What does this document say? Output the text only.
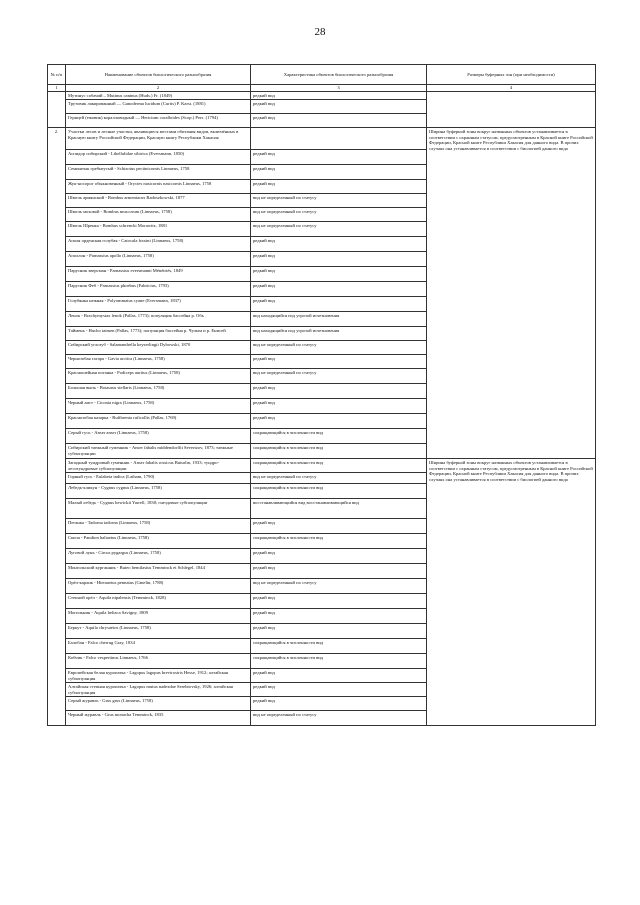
28
№ п/п	Наименование объектов биологического разнообразия	Характеристика объектов биологического разнообразия	Размеры буферных зон (при необходимости)
1	2	3	4
	Мутинус собачий – Mutinus caninus (Huds.) Fr. (1849)	редкий вид	
	Трутовик лакированный — Ganoderma lucidum (Curtis) P. Karst. (1881)	редкий вид	
	Герицей (ежовик) коралловидный — Hericium coralloides (Scop.) Pers. (1794)	редкий вид	
2.	Участки лесов и лесные участки, являющиеся местами обитания видов, включённых в Красную книгу Российской Федерации, Красную книгу Республики Хакасия		Ширина буферной зоны вокруг названных объектов устанавливается в соответствии с охранным статусом, предусмотренным в Красной книге Российской Федерации, Красной книге Республики Хакасия для данного вида. В прочих случаях она устанавливается в соответствии с биологией данного вида
	Аспидор сибирский - Libellulidae sibirica (Eversmann, 1850)	редкий вид	
	Семиштык гребнеусый - Schizotus pectinicornis Linnaeus, 1758	редкий вид	
	Жук-носорог обыкновенный - Oryctes nasicornis nasicornis Linnaeus, 1758	редкий вид	
	Шмель армянский - Bombus armeniacus Radoszkowski, 1877	вид не определенный по статусу	
	Шмель моховой - Bombus muscorum (Linnaeus, 1758)	вид не определенный по статусу	
	Шмель Шренка - Bombus schrencki Morawitz, 1881	вид не определенный по статусу	
	Аполя орденская голубая - Catocala fraxini (Linnaeus, 1758)	редкий вид	
	Аполлон - Parnassius apollo (Linnaeus, 1758)	редкий вид	
	Парусник эверсман - Parnassius eversmanni Ménétriés, 1849	редкий вид	
	Парусник Феб - Parnassius phoebus (Fabricius, 1793)	редкий вид	
	Голубянка нежная - Polyommatus cyane (Eversmann, 1837)	редкий вид	
	Ленок - Brachymystax lenok (Pallas, 1773); популяция бассейна р. Обь	вид находящийся под угрозой исчезновения	
	Таймень - Hucho taimen (Pallas, 1773); популяция бассейна р. Чулым и р. Енисей	вид находящийся под угрозой исчезновения	
	Сибирский углозуб - Salamandrella keyserlingii Dybowski, 1870	вид не определенный по статусу	
	Чернозобая гагара - Gavia arctica (Linnaeus, 1758)	редкий вид	
	Красношейная поганка - Podiceps auritus (Linnaeus, 1758)	вид не определенный по статусу	
	Большая выпь - Botaurus stellaris (Linnaeus, 1758)	редкий вид	
	Черный аист - Ciconia nigra (Linnaeus, 1758)	редкий вид	
	Краснозобая казарка - Rufibrenta ruficollis (Pallas, 1769)	редкий вид	
	Серый гусь - Anser anser (Linnaeus, 1758)	сокращающийся в численности вид	
	Сибирский таежный гуменник - Anser fabalis middendorffii Severtzov, 1873; таежные субпопуляции	сокращающийся в численности вид	
	Западный тундровый гуменник - Anser fabalis rossicus Buturlin, 1933; тундро-лесотундровые субпопуляции	сокращающийся в численности вид	Ширина буферной зоны вокруг названных объектов устанавливается в соответствии с охранным статусом, предусмотренным в Красной книге Российской Федерации, Красной книге Республики Хакасия для данного вида. В прочих случаях она устанавливается в соответствии с биологией данного вида
	Горный гусь - Eulabeia indica (Latham, 1790)	вид не определенный по статусу	
	Лебедь-кликун - Cygnus cygnus (Linnaeus, 1758)	сокращающийся в численности вид	
	Малый лебедь - Cygnus bewickii Yarrell, 1830; гнездовые субпопуляции	восстанавливающийся вид восстанавливающийся вид	
	Пеганка - Tadorna tadorna (Linnaeus, 1758)	редкий вид	
	Скопа - Pandion haliaetus (Linnaeus, 1758)	сокращающийся в численности вид	
	Луговой лунь - Circus pygargus (Linnaeus, 1758)	редкий вид	
	Монгольский курганник - Buteo hemilasius Temminck et Schlegel, 1844	редкий вид	
	Орёл-карлик - Hieraaetus pennatus (Gmelin, 1788)	вид не определенный по статусу	
	Степной орёл - Aquila nipalensis (Temminck, 1828)	редкий вид	
	Могильник - Aquila heliaca Savigny, 1809	редкий вид	
	Беркут - Aquila chrysaetos (Linnaeus, 1758)	редкий вид	
	Балобан - Falco cherrug Gray, 1834	сокращающийся в численности вид	
	Кобчик - Falco vespertinus Linnaeus, 1766	сокращающийся в численности вид	
	Европейская белая куропатка - Lagopus lagopus brevirostris Hesse, 1912; алтайская субпопуляция	редкий вид	
	Алтайская степная куропатка - Lagopus mutus nadezdae Serebrovsky, 1926; алтайская субпопуляция	редкий вид	
	Серый журавль - Grus grus (Linnaeus, 1758)	редкий вид	
	Черный журавль - Grus monacha Temminck, 1835	вид не определенный по статусу	
